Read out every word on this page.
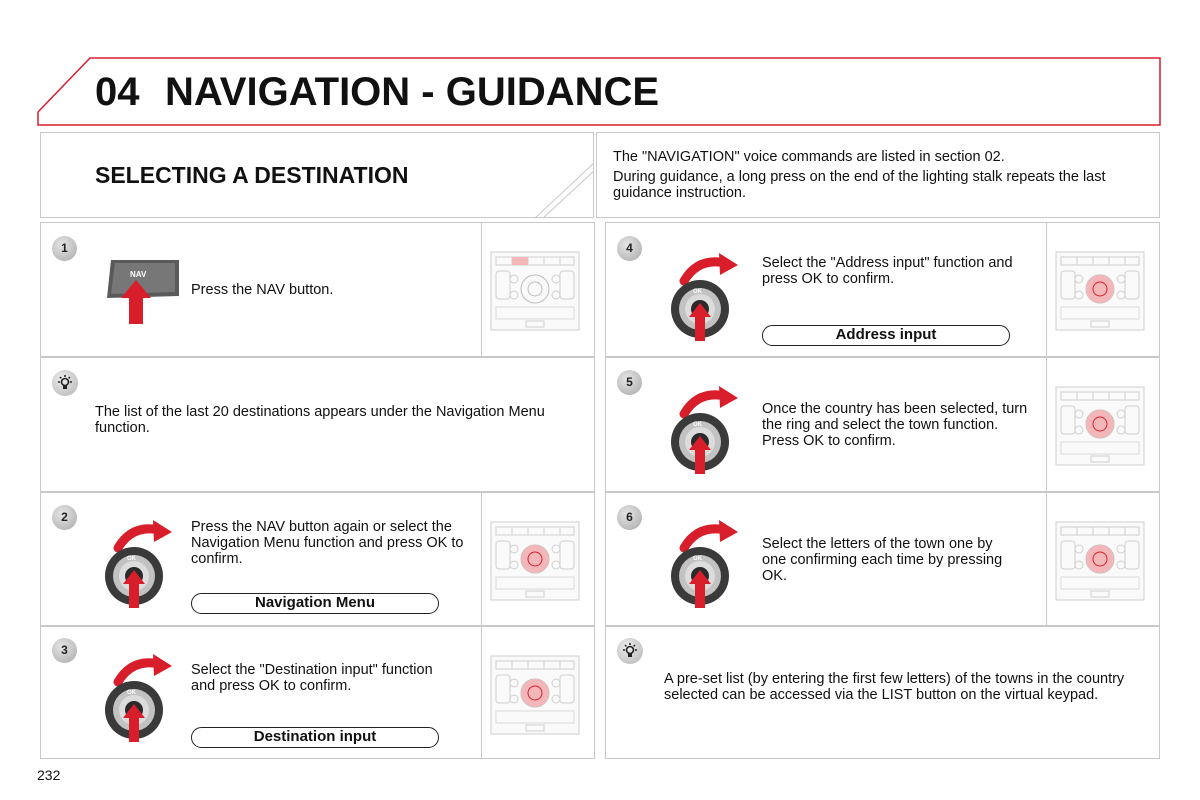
04 NAVIGATION - GUIDANCE
SELECTING A DESTINATION

The "NAVIGATION" voice commands are listed in section 02.

During guidance, a long press on the end of the lighting stalk repeats the last guidance instruction.

1
NAV
Press the NAV button.
The list of the last 20 destinations appears under the Navigation Menu function.
2
OK
Press the NAV button again or select the Navigation Menu function and press OK to confirm.
Navigation Menu
3
OK
Select the "Destination input" function and press OK to confirm.
Destination input
4
OK
Select the "Address input" function and press OK to confirm.
Address input
5
OK
Once the country has been selected, turn the ring and select the town function. Press OK to confirm.
6
OK
Select the letters of the town one by one confirming each time by pressing OK.
A pre-set list (by entering the first few letters) of the towns in the country selected can be accessed via the LIST button on the virtual keypad.
232
